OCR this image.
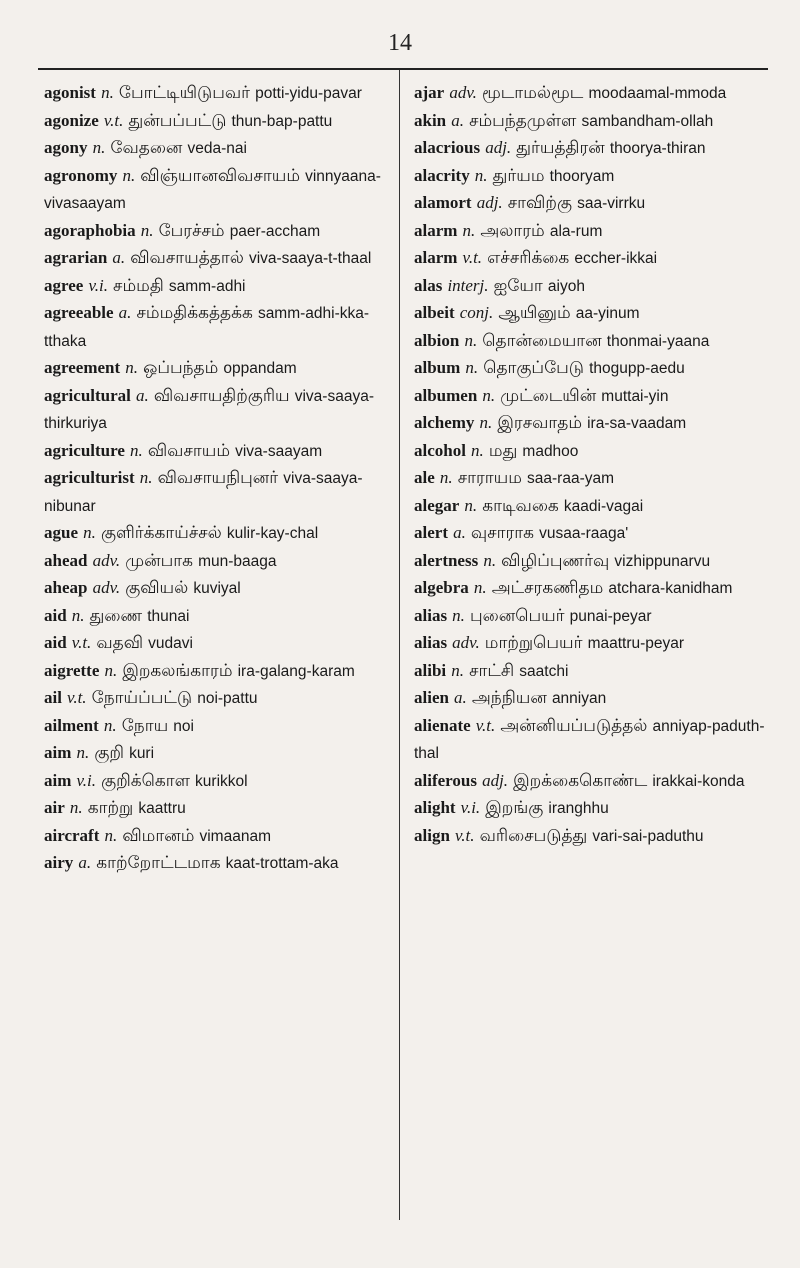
14
agonist n. போட்டியிடுபவர் potti-yidu-pavar
agonize v.t. துன்பப்பட்டு thun-bap-pattu
agony n. வேதனை veda-nai
agronomy n. விஞ்யானவிவசாயம் vinnyaana-vivasaayam
agoraphobia n. பேரச்சம் paer-accham
agrarian a. விவசாயத்தால் viva-saaya-t-thaal
agree v.i. சம்மதி samm-adhi
agreeable a. சம்மதிக்கத்தக்க samm-adhi-kka-tthaka
agreement n. ஒப்பந்தம் oppandam
agricultural a. விவசாயதிற்குரிய viva-saaya-thirkuriya
agriculture n. விவசாயம் viva-saayam
agriculturist n. விவசாயநிபுனர் viva-saaya-nibunar
ague n. குளிர்க்காய்ச்சல் kulir-kay-chal
ahead adv. முன்பாக mun-baaga
aheap adv. குவியல் kuviyal
aid n. துணை thunai
aid v.t. வதவி vudavi
aigrette n. இறகலங்காரம் ira-galang-karam
ail v.t. நோய்ப்பட்டு noi-pattu
ailment n. நோய noi
aim n. குறி kuri
aim v.i. குறிக்கொள kurikkol
air n. காற்று kaattru
aircraft n. விமானம் vimaanam
airy a. காற்றோட்டமாக kaat-trottam-aka
ajar adv. மூடாமல்மூட moodaamal-mmoda
akin a. சம்பந்தமுள்ள sambandham-ollah
alacrious adj. துர்யத்திரன் thoorya-thiran
alacrity n. துர்யம thooryam
alamort adj. சாவிற்கு saa-virrku
alarm n. அலாரம் ala-rum
alarm v.t. எச்சரிக்கை eccher-ikkai
alas interj. ஐயோ aiyoh
albeit conj. ஆயினும் aa-yinum
albion n. தொன்மையான thonmai-yaana
album n. தொகுப்பேடு thogupp-aedu
albumen n. முட்டையின் muttai-yin
alchemy n. இரசவாதம் ira-sa-vaadam
alcohol n. மது madhoo
ale n. சாராயம saa-raa-yam
alegar n. காடிவகை kaadi-vagai
alert a. வுசாராக vusaa-raaga'
alertness n. விழிப்புணர்வு vizhippunarvu
algebra n. அட்சரகணிதம atchara-kanidham
alias n. புனைபெயர் punai-peyar
alias adv. மாற்றுபெயர் maattru-peyar
alibi n. சாட்சி saatchi
alien a. அந்நியன anniyan
alienate v.t. அன்னியப்படுத்தல் anniyap-paduth-thal
aliferous adj. இறக்கைகொண்ட irakkai-konda
alight v.i. இறங்கு iranghhu
align v.t. வரிசைபடுத்து vari-sai-paduthu
